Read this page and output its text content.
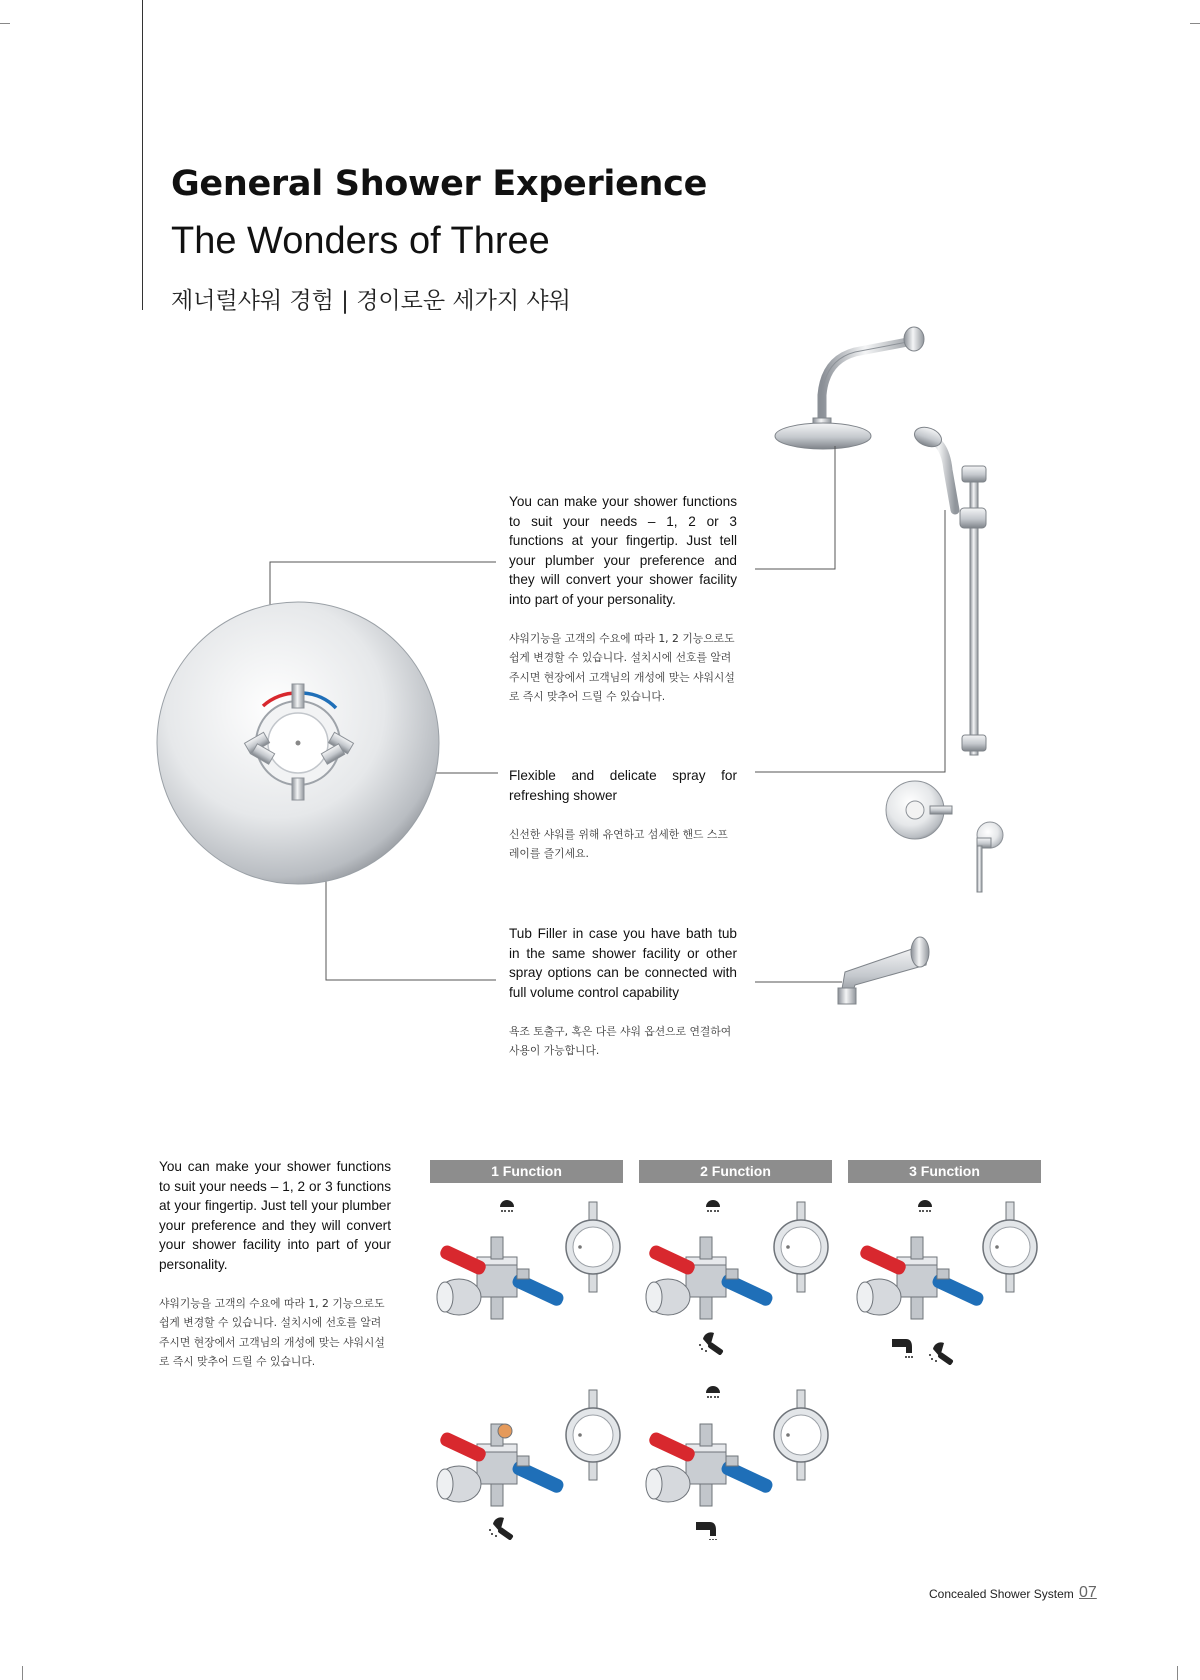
General Shower Experience
The Wonders of Three
제너럴샤워 경험 | 경이로운 세가지 샤워
You can make your shower functions to suit your needs – 1, 2 or 3 functions at your fingertip. Just tell your plumber your preference and they will convert your shower facility into part of your personality.
샤워기능을 고객의 수요에 따라 1, 2 기능으로도 쉽게 변경할 수 있습니다. 설치시에 선호를 알려주시면 현장에서 고객님의 개성에 맞는 샤워시설로 즉시 맞추어 드릴 수 있습니다.
Flexible and delicate spray for refreshing shower
신선한 샤워를 위해 유연하고 섬세한 핸드 스프레이를 즐기세요.
Tub Filler in case you have bath tub in the same shower facility or other spray options can be connected with full volume control capability
욕조 토출구, 혹은 다른 샤워 옵션으로 연결하여 사용이 가능합니다.
You can make your shower functions to suit your needs – 1, 2 or 3 functions at your fingertip. Just tell your plumber your preference and they will convert your shower facility into part of your personality.
샤워기능을 고객의 수요에 따라 1, 2 기능으로도 쉽게 변경할 수 있습니다. 설치시에 선호를 알려주시면 현장에서 고객님의 개성에 맞는 샤워시설로 즉시 맞추어 드릴 수 있습니다.
1 Function	2 Function	3 Function
Concealed Shower System 07
